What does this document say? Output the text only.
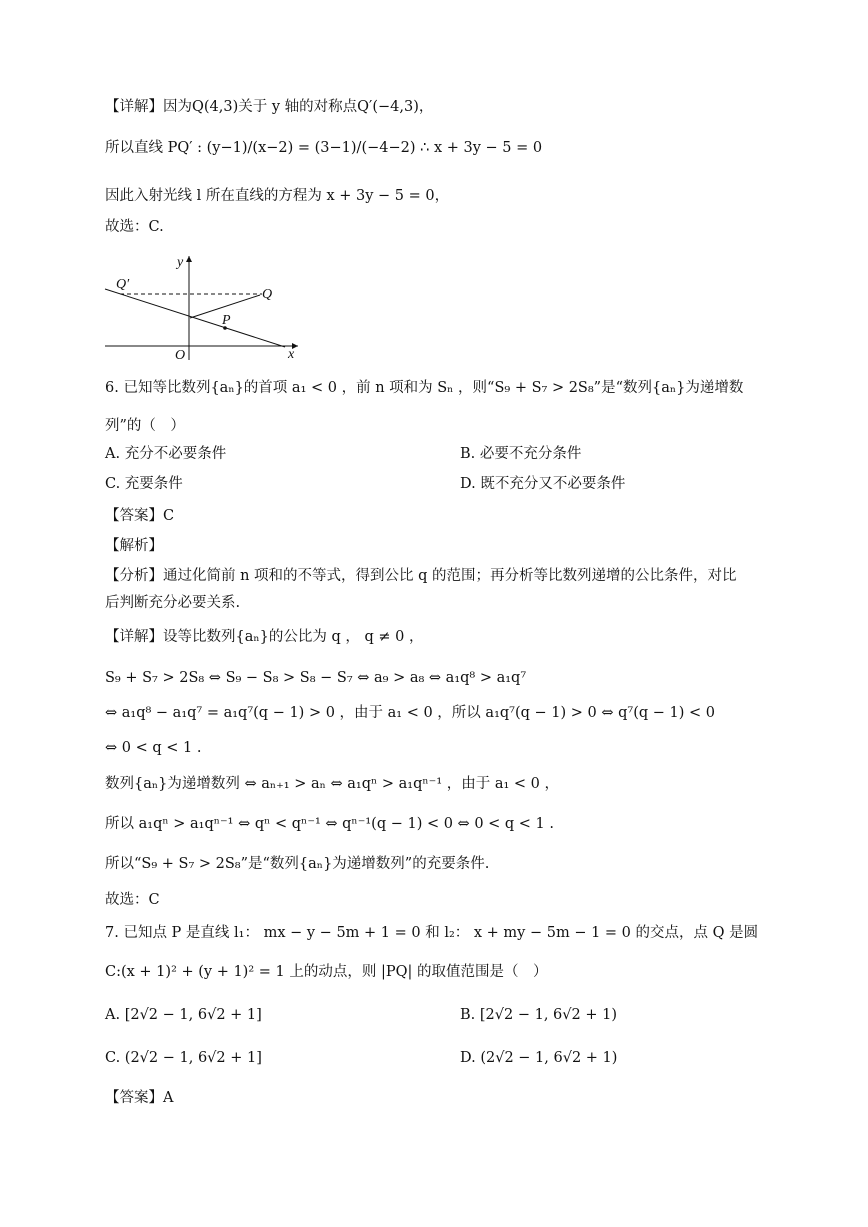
【详解】因为Q(4,3)关于 y 轴的对称点Q′(−4,3)，
所以直线 PQ′ : (y−1)/(x−2) = (3−1)/(−4−2) ∴ x + 3y − 5 = 0
因此入射光线 l 所在直线的方程为 x + 3y − 5 = 0，
故选：C.
6. 已知等比数列{aₙ}的首项 a₁ < 0 ，前 n 项和为 Sₙ ，则“S₉ + S₇ > 2S₈”是“数列{aₙ}为递增数
列”的（　）
【答案】C
【解析】
【分析】通过化简前 n 项和的不等式，得到公比 q 的范围；再分析等比数列递增的公比条件，对比
后判断充分必要关系.
【详解】设等比数列{aₙ}的公比为 q ， q ≠ 0 ，
S₉ + S₇ > 2S₈ ⇔ S₉ − S₈ > S₈ − S₇ ⇔ a₉ > a₈ ⇔ a₁q⁸ > a₁q⁷
⇔ a₁q⁸ − a₁q⁷ = a₁q⁷(q − 1) > 0 ，由于 a₁ < 0 ，所以 a₁q⁷(q − 1) > 0 ⇔ q⁷(q − 1) < 0
⇔ 0 < q < 1 .
数列{aₙ}为递增数列 ⇔ aₙ₊₁ > aₙ ⇔ a₁qⁿ > a₁qⁿ⁻¹ ，由于 a₁ < 0 ，
所以 a₁qⁿ > a₁qⁿ⁻¹ ⇔ qⁿ < qⁿ⁻¹ ⇔ qⁿ⁻¹(q − 1) < 0 ⇔ 0 < q < 1 .
所以“S₉ + S₇ > 2S₈”是“数列{aₙ}为递增数列”的充要条件.
故选：C
7. 已知点 P 是直线 l₁： mx − y − 5m + 1 = 0 和 l₂： x + my − 5m − 1 = 0 的交点，点 Q 是圆
C:(x + 1)² + (y + 1)² = 1 上的动点，则 |PQ| 的取值范围是（　）
【答案】A
A. 充分不必要条件	B. 必要不充分条件
C. 充要条件	D. 既不充分又不必要条件
A. [2√2 − 1, 6√2 + 1]	B. [2√2 − 1, 6√2 + 1)
C. (2√2 − 1, 6√2 + 1]	D. (2√2 − 1, 6√2 + 1)
y
x
O
P
Q
Q′
